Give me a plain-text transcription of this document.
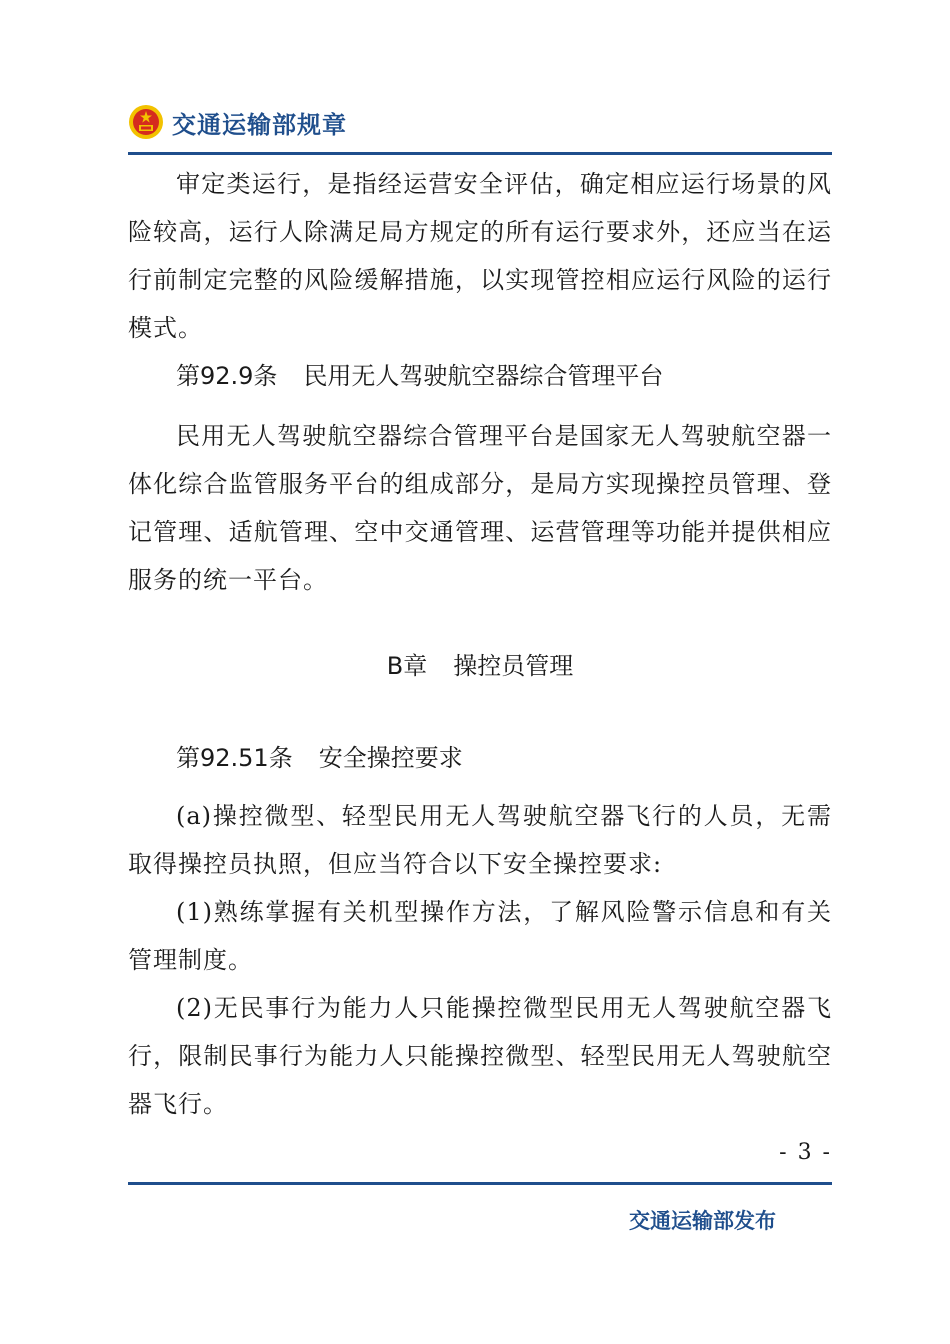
交通运输部规章

审定类运行，是指经运营安全评估，确定相应运行场景的风险较高，运行人除满足局方规定的所有运行要求外，还应当在运行前制定完整的风险缓解措施，以实现管控相应运行风险的运行模式。

第92.9条 民用无人驾驶航空器综合管理平台

民用无人驾驶航空器综合管理平台是国家无人驾驶航空器一体化综合监管服务平台的组成部分，是局方实现操控员管理、登记管理、适航管理、空中交通管理、运营管理等功能并提供相应服务的统一平台。

B章 操控员管理

第92.51条 安全操控要求

(a)操控微型、轻型民用无人驾驶航空器飞行的人员，无需取得操控员执照，但应当符合以下安全操控要求:

(1)熟练掌握有关机型操作方法，了解风险警示信息和有关管理制度。

(2)无民事行为能力人只能操控微型民用无人驾驶航空器飞行，限制民事行为能力人只能操控微型、轻型民用无人驾驶航空器飞行。

- 3 -
交通运输部发布
